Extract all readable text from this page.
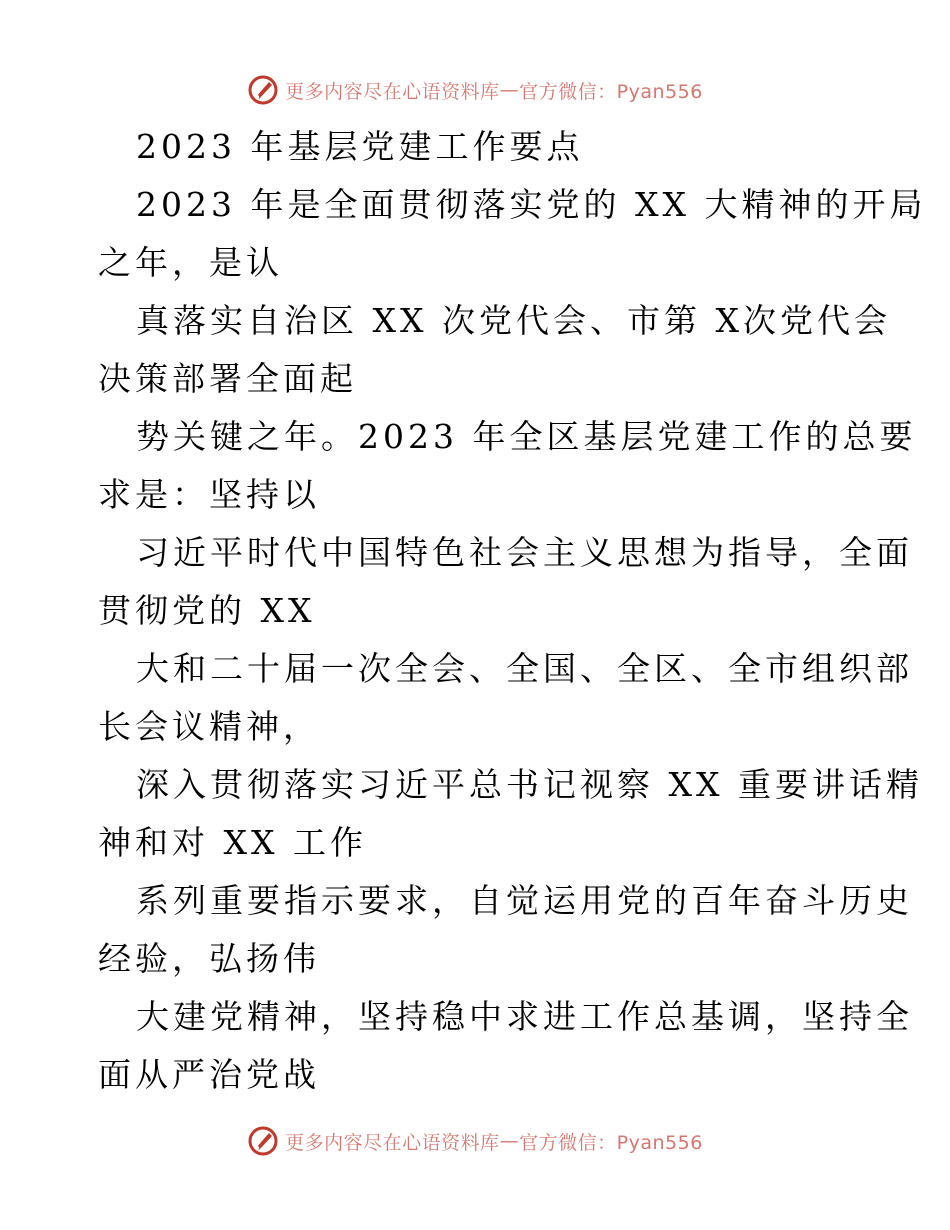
更多内容尽在心语资料库 — 官方微信：Pyan556
2023 年基层党建工作要点
2023 年是全面贯彻落实党的 XX 大精神的开局
之年，是认
真落实自治区 XX 次党代会、市第 X次党代会
决策部署全面起
势关键之年。2023 年全区基层党建工作的总要
求是：坚持以
习近平时代中国特色社会主义思想为指导，全面
贯彻党的 XX
大和二十届一次全会、全国、全区、全市组织部
长会议精神，
深入贯彻落实习近平总书记视察 XX 重要讲话精
神和对 XX 工作
系列重要指示要求，自觉运用党的百年奋斗历史
经验，弘扬伟
大建党精神，坚持稳中求进工作总基调，坚持全
面从严治党战
更多内容尽在心语资料库 — 官方微信：Pyan556
